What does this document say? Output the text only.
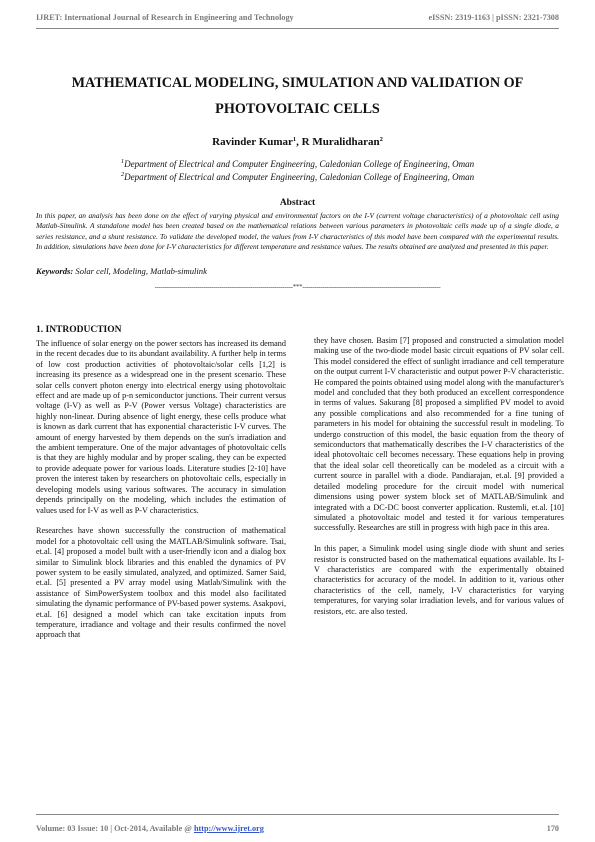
IJRET: International Journal of Research in Engineering and Technology	eISSN: 2319-1163 | pISSN: 2321-7308
MATHEMATICAL MODELING, SIMULATION AND VALIDATION OF
PHOTOVOLTAIC CELLS
Ravinder Kumar$^1$, R Muralidharan$^2$
$^1$Department of Electrical and Computer Engineering, Caledonian College of Engineering, Oman
$^2$Department of Electrical and Computer Engineering, Caledonian College of Engineering, Oman
Abstract
In this paper, an analysis has been done on the effect of varying physical and environmental factors on the I-V (current voltage characteristics) of a photovoltaic cell using Matlab-Simulink. A standalone model has been created based on the mathematical relations between various parameters in photovoltaic cells made up of a single diode, a series resistance, and a shunt resistance. To validate the developed model, the values from I-V characteristics of this model have been compared with the experimental results. In addition, simulations have been done for I-V characteristics for different temperature and resistance values. The results obtained are analyzed and presented in this paper.
Keywords: Solar cell, Modeling, Matlab-simulink
--------------------------------------------------------------------***--------------------------------------------------------------------
1. INTRODUCTION

The influence of solar energy on the power sectors has increased its demand in the recent decades due to its abundant availability. A further help in terms of low cost production activities of photovoltaic/solar cells [1,2] is increasing its presence as a widespread one in the present scenario. These solar cells convert photon energy into electrical energy using photovoltaic effect and are made up of p-n semiconductor junctions. Their current versus voltage (I-V) as well as P-V (Power versus Voltage) characteristics are highly non-linear. During absence of light energy, these cells produce what is known as dark current that has exponential characteristic I-V curves. The amount of energy harvested by them depends on the sun's irradiation and the ambient temperature. One of the major advantages of photovoltaic cells is that they are highly modular and by proper scaling, they can be expected to provide adequate power for various loads. Literature studies [2-10] have proven the interest taken by researchers on photovoltaic cells, especially in developing models using various softwares. The accuracy in simulation depends principally on the modeling, which includes the estimation of values used for I-V as well as P-V characteristics.

Researches have shown successfully the construction of mathematical model for a photovoltaic cell using the MATLAB/Simulink software. Tsai, et.al. [4] proposed a model built with a user-friendly icon and a dialog box similar to Simulink block libraries and this enabled the dynamics of PV power system to be easily simulated, analyzed, and optimized. Samer Said, et.al. [5] presented a PV array model using Matlab/Simulink with the assistance of SimPowerSystem toolbox and this model also facilitated simulating the dynamic performance of PV-based power systems. Asakpovi, et.al. [6] designed a model which can take excitation inputs from temperature, irradiance and voltage and their results confirmed the novel approach that

they have chosen. Basim [7] proposed and constructed a simulation model making use of the two-diode model basic circuit equations of PV solar cell. This model considered the effect of sunlight irradiance and cell temperature on the output current I-V characteristic and output power P-V characteristic. He compared the points obtained using model along with the manufacturer's model and concluded that they both produced an excellent correspondence in terms of values. Sakurang [8] proposed a simplified PV model to avoid any possible complications and also recommended for a fine tuning of parameters in his model for obtaining the successful result in modeling. To undergo construction of this model, the basic equation from the theory of semiconductors that mathematically describes the I-V characteristics of the ideal photovoltaic cell becomes necessary. These equations help in proving that the ideal solar cell theoretically can be modeled as a circuit with a current source in parallel with a diode. Pandiarajan, et.al. [9] provided a detailed modeling procedure for the circuit model with numerical dimensions using power system block set of MATLAB/Simulink and integrated with a DC-DC boost converter application. Rustemli, et.al. [10] simulated a photovoltaic model and tested it for various temperatures successfully. Researches are still in progress with high pace in this area.

In this paper, a Simulink model using single diode with shunt and series resistor is constructed based on the mathematical equations available. Its I-V characteristics are compared with the experimentally obtained characteristics for accuracy of the model. In addition to it, various other characteristics of the cell, namely, I-V characteristics for varying temperatures, for varying solar irradiation levels, and for various values of resistors, etc. are also tested.

Volume: 03 Issue: 10 | Oct-2014, Available @ http://www.ijret.org	170
